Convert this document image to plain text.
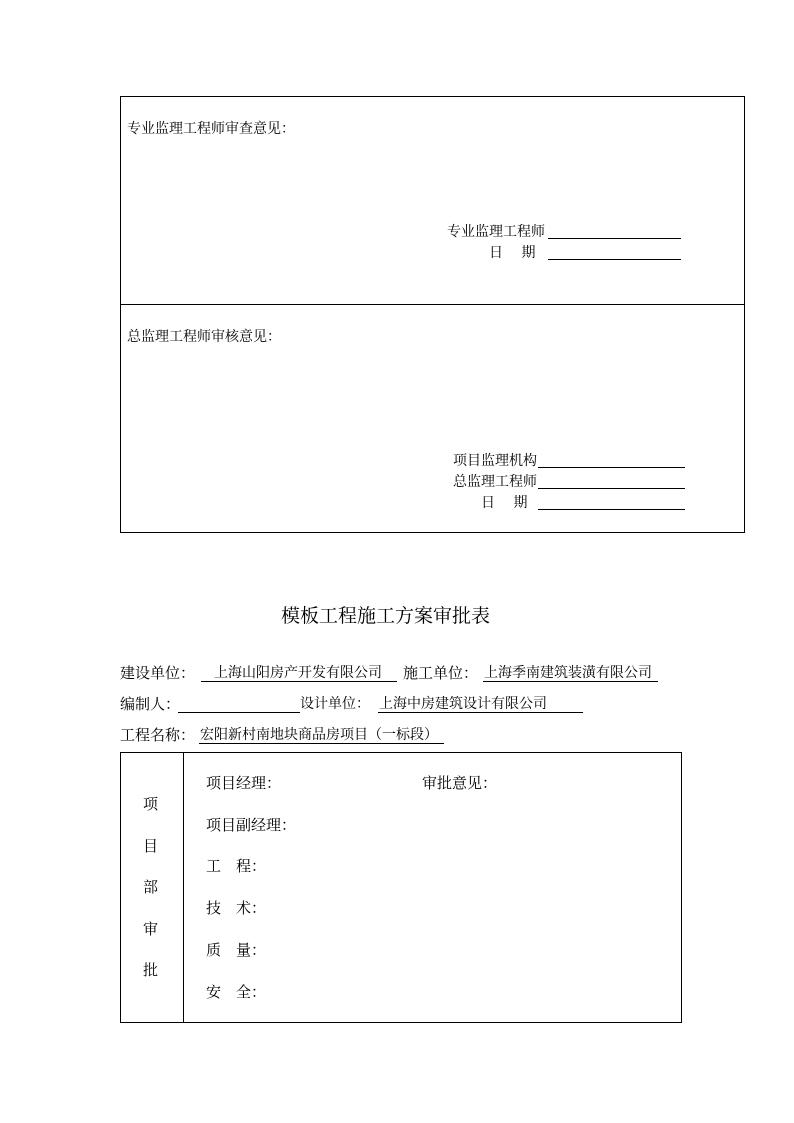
专业监理工程师审查意见：
专业监理工程师
日　 期
总监理工程师审核意见：
项目监理机构
总监理工程师
日　 期
模板工程施工方案审批表
建设单位： 上海山阳房产开发有限公司 施工单位： 上海季南建筑装潢有限公司
编制人：	设计单位： 上海中房建筑设计有限公司
工程名称： 宏阳新村南地块商品房项目（一标段）
项
目
部
审
批
项目经理：	审批意见：
项目副经理：
工　程：
技　术：
质　量：
安　全：
